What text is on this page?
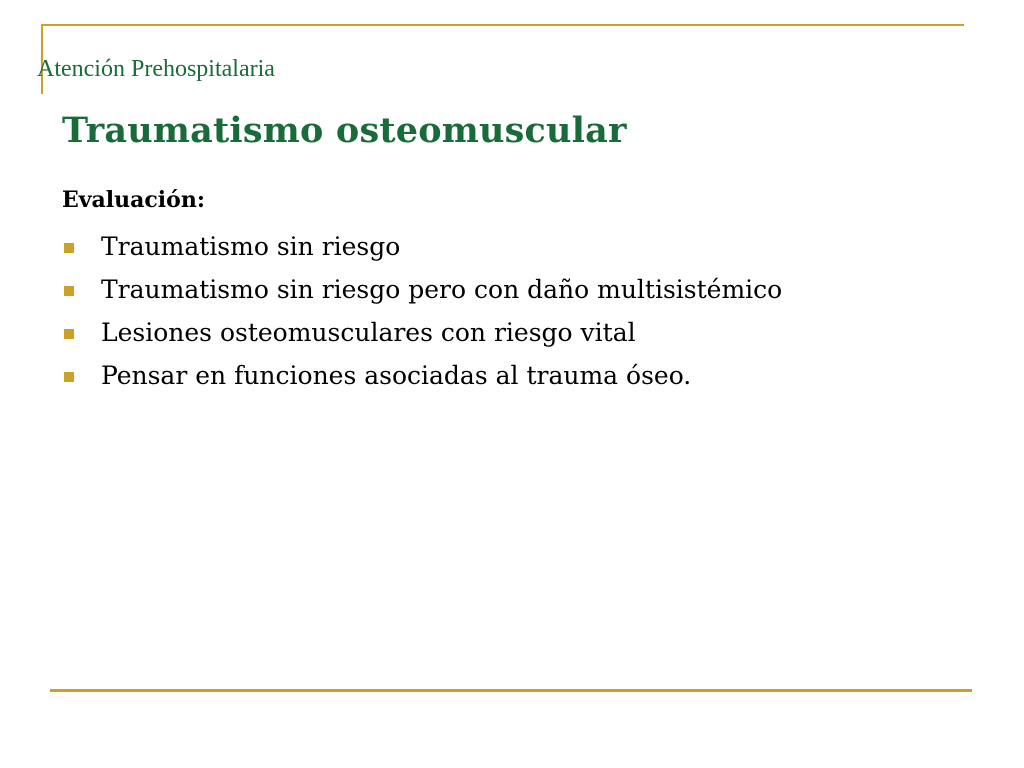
Atención Prehospitalaria
Traumatismo osteomuscular
Evaluación:
Traumatismo sin riesgo
Traumatismo sin riesgo pero con daño multisistémico
Lesiones osteomusculares con riesgo vital
Pensar en funciones asociadas al trauma óseo.
